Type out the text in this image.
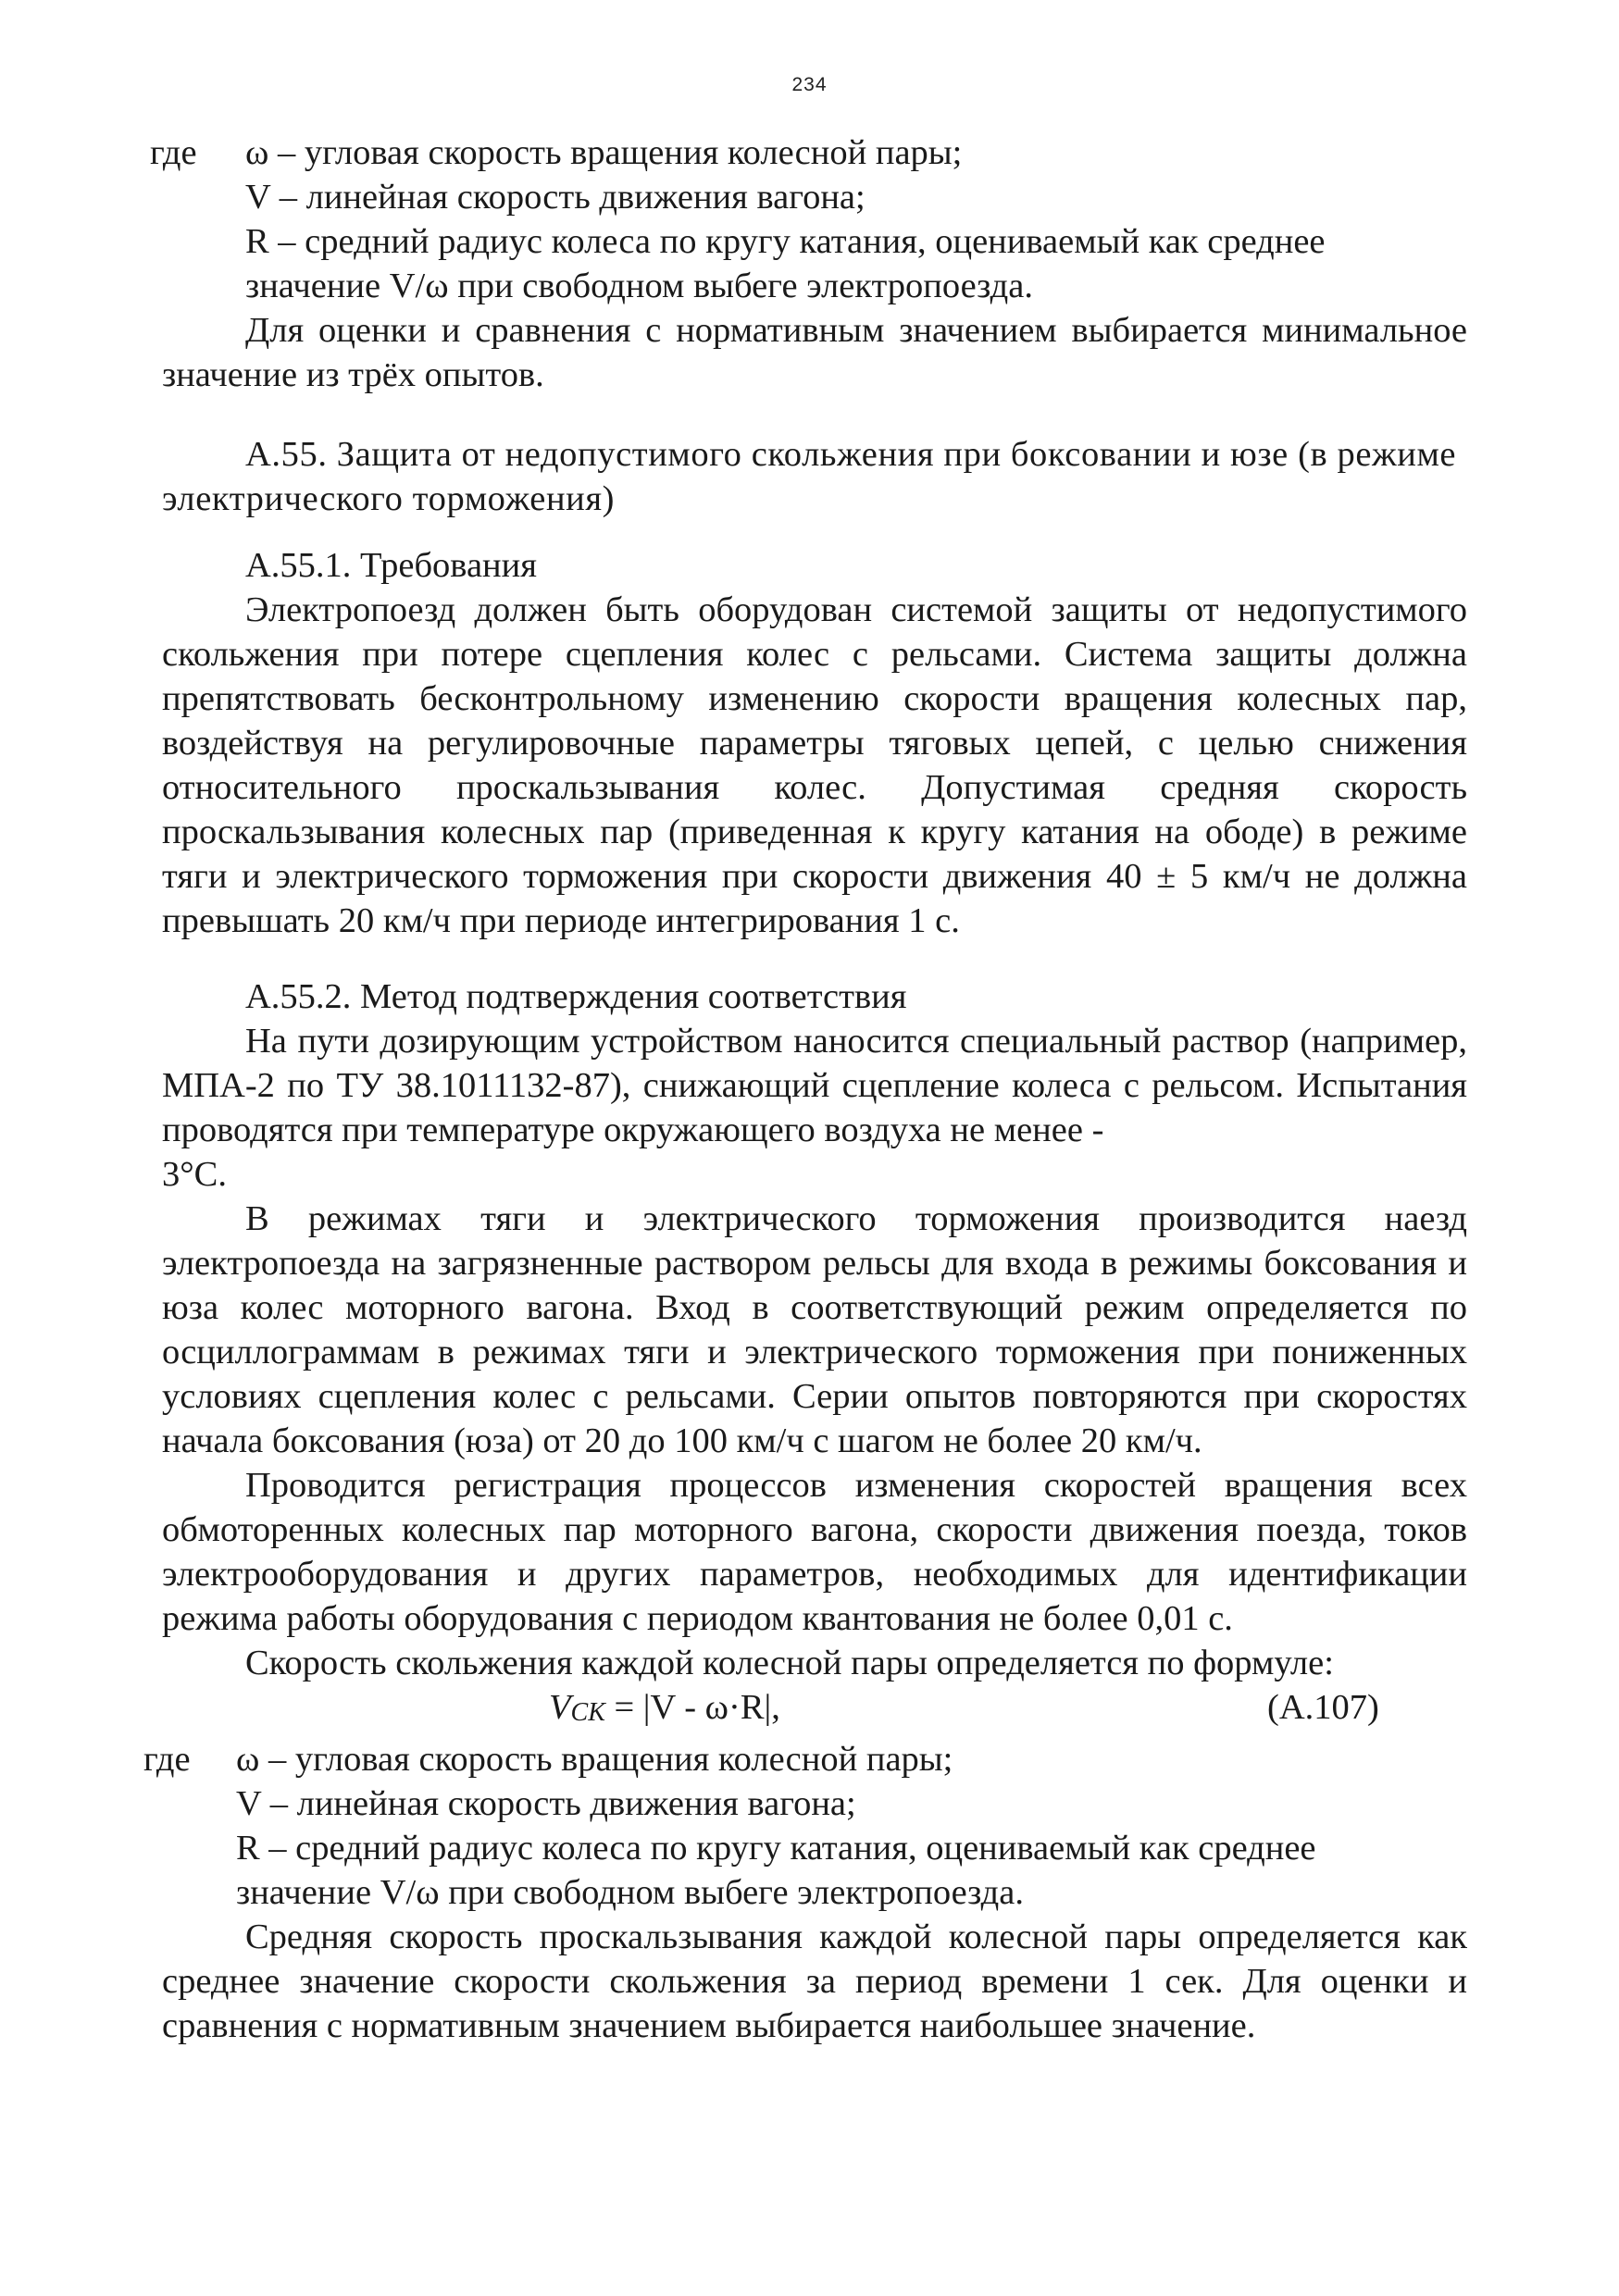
234
где	ω – угловая скорость вращения колесной пары;
V – линейная скорость движения вагона;
R – средний радиус колеса по кругу катания, оцениваемый как среднее
значение V/ω при свободном выбеге электропоезда.

Для оценки и сравнения с нормативным значением выбирается минимальное значение из трёх опытов.

А.55. Защита от недопустимого скольжения при боксовании и юзе (в режиме электрического торможения)

А.55.1. Требования

Электропоезд должен быть оборудован системой защиты от недопустимого скольжения при потере сцепления колес с рельсами. Система защиты должна препятствовать бесконтрольному изменению скорости вращения колесных пар, воздействуя на регулировочные параметры тяговых цепей, с целью снижения относительного проскальзывания колес. Допустимая средняя скорость проскальзывания колесных пар (приведенная к кругу катания на ободе) в режиме тяги и электрического торможения при скорости движения 40 ± 5 км/ч не должна превышать 20 км/ч при периоде интегрирования 1 с.

А.55.2. Метод подтверждения соответствия

На пути дозирующим устройством наносится специальный раствор (например, МПА-2 по ТУ 38.1011132-87), снижающий сцепление колеса с рельсом. Испытания проводятся при температуре окружающего воздуха не менее -

3°С.

В режимах тяги и электрического торможения производится наезд электропоезда на загрязненные раствором рельсы для входа в режимы боксования и юза колес моторного вагона. Вход в соответствующий режим определяется по осциллограммам в режимах тяги и электрического торможения при пониженных условиях сцепления колес с рельсами. Серии опытов повторяются при скоростях начала боксования (юза) от 20 до 100 км/ч с шагом не более 20 км/ч.

Проводится регистрация процессов изменения скоростей вращения всех обмоторенных колесных пар моторного вагона, скорости движения поезда, токов электрооборудования и других параметров, необходимых для идентификации режима работы оборудования с периодом квантования не более 0,01 с.

Скорость скольжения каждой колесной пары определяется по формуле:

VСК = |V - ω·R|,	(А.107)
где	ω – угловая скорость вращения колесной пары;
V – линейная скорость движения вагона;
R – средний радиус колеса по кругу катания, оцениваемый как среднее
значение V/ω при свободном выбеге электропоезда.

Средняя скорость проскальзывания каждой колесной пары определяется как среднее значение скорости скольжения за период времени 1 сек. Для оценки и сравнения с нормативным значением выбирается наибольшее значение.
